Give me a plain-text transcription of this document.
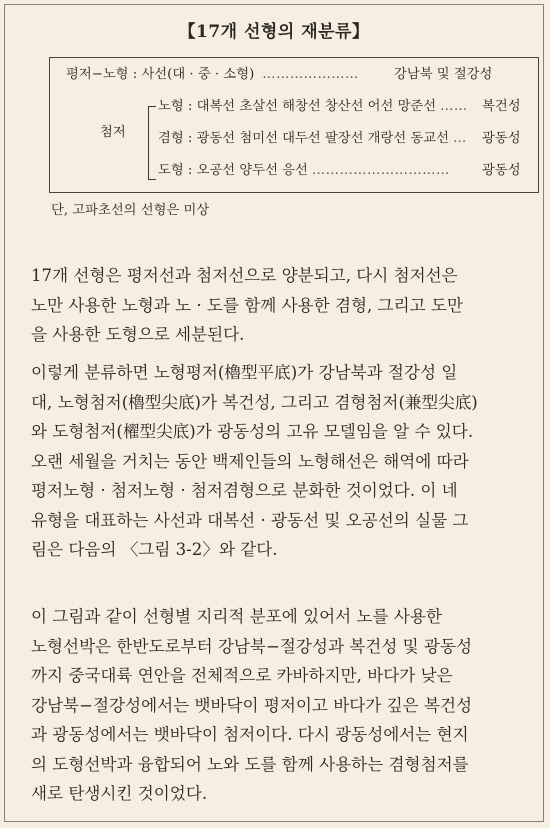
【17개 선형의 재분류】
평저−노형 : 사선(대 · 중 · 소형) …………………	강남북 및 절강성
첨저
노형 : 대복선 초살선 해창선 창산선 어선 망준선 …… 복건성
겸형 : 광동선 첨미선 대두선 팔장선 개랑선 동교선 … 광동성
도형 : 오공선 양두선 응선 ………………………… 광동성
단, 고파초선의 선형은 미상
17개 선형은 평저선과 첨저선으로 양분되고, 다시 첨저선은
노만 사용한 노형과 노 · 도를 함께 사용한 겸형, 그리고 도만
을 사용한 도형으로 세분된다.
이렇게 분류하면 노형평저(櫓型平底)가 강남북과 절강성 일
대, 노형첨저(櫓型尖底)가 복건성, 그리고 겸형첨저(兼型尖底)
와 도형첨저(櫂型尖底)가 광동성의 고유 모델임을 알 수 있다.
오랜 세월을 거치는 동안 백제인들의 노형해선은 해역에 따라
평저노형 · 첨저노형 · 첨저겸형으로 분화한 것이었다. 이 네
유형을 대표하는 사선과 대복선 · 광동선 및 오공선의 실물 그
림은 다음의 〈그림 3-2〉와 같다.
이 그림과 같이 선형별 지리적 분포에 있어서 노를 사용한
노형선박은 한반도로부터 강남북−절강성과 복건성 및 광동성
까지 중국대륙 연안을 전체적으로 카바하지만, 바다가 낮은
강남북−절강성에서는 뱃바닥이 평저이고 바다가 깊은 복건성
과 광동성에서는 뱃바닥이 첨저이다. 다시 광동성에서는 현지
의 도형선박과 융합되어 노와 도를 함께 사용하는 겸형첨저를
새로 탄생시킨 것이었다.
